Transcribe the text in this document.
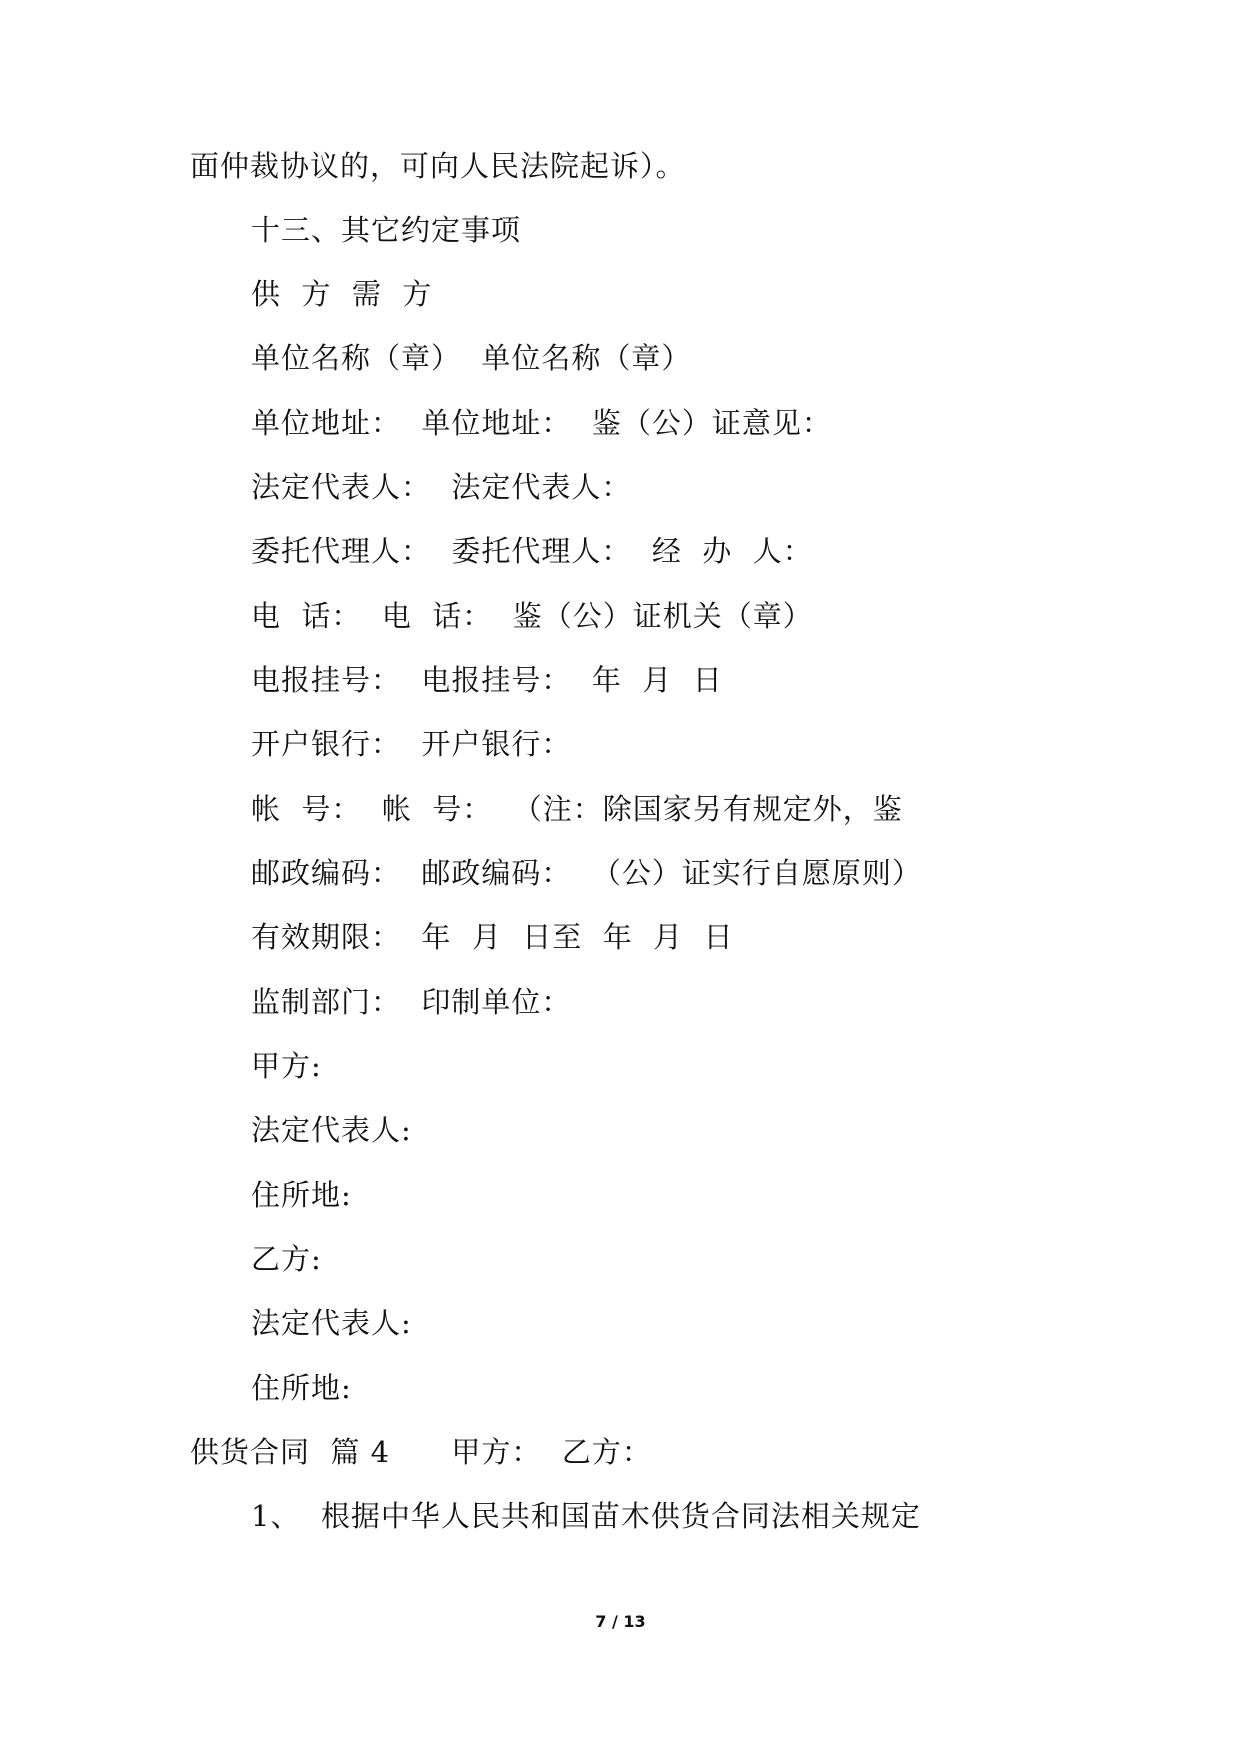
面仲裁协议的，可向人民法院起诉）。
十三、其它约定事项
供  方  需  方
单位名称（章）  单位名称（章）
单位地址：  单位地址：  鉴（公）证意见：
法定代表人：  法定代表人：
委托代理人：  委托代理人：  经  办  人：
电  话：  电  话：  鉴（公）证机关（章）
电报挂号：  电报挂号：  年  月  日
开户银行：  开户银行：
帐  号：  帐  号：  （注：除国家另有规定外，鉴
邮政编码：  邮政编码：  （公）证实行自愿原则）
有效期限：  年  月  日至  年  月  日
监制部门：  印制单位：
甲方:
法定代表人:
住所地:
乙方:
法定代表人:
住所地:
供货合同  篇 4      甲方：  乙方：
1、  根据中华人民共和国苗木供货合同法相关规定
7 / 13
